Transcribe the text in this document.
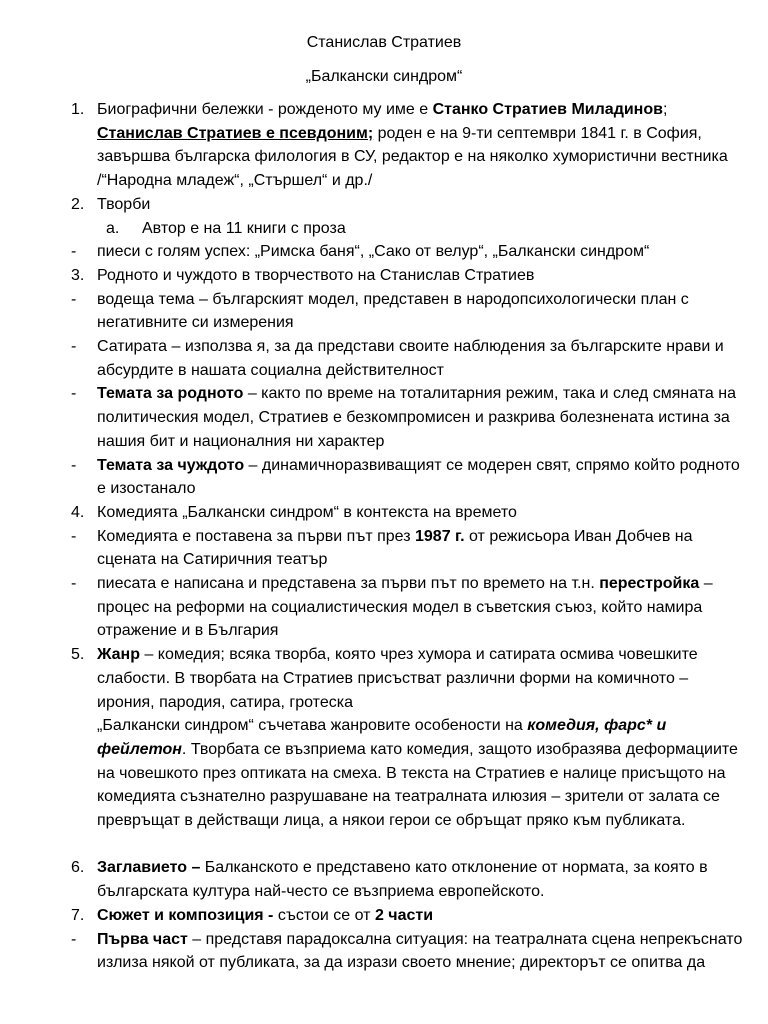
Станислав Стратиев
„Балкански синдром“
1. Биографични бележки - рожденото му име е Станко Стратиев Миладинов;
Станислав Стратиев е псевдоним; роден е на 9-ти септември 1841 г. в София, завършва българска филология в СУ, редактор е на няколко хумористични вестника /“Народна младеж“, „Стършел“ и др./
2. Творби
a. Автор е на 11 книги с проза
- пиеси с голям успех: „Римска баня“, „Сако от велур“, „Балкански синдром“
3. Родното и чуждото в творчеството на Станислав Стратиев
- водеща тема – българският модел, представен в народопсихологически план с негативните си измерения
- Сатирата – използва я, за да представи своите наблюдения за българските нрави и абсурдите в нашата социална действителност
- Темата за родното – както по време на тоталитарния режим, така и след смяната на политическия модел, Стратиев е безкомпромисен и разкрива болезнената истина за нашия бит и националния ни характер
- Темата за чуждото – динамичноразвиващият се модерен свят, спрямо който родното е изостанало
4. Комедията „Балкански синдром“ в контекста на времето
- Комедията е поставена за първи път през 1987 г. от режисьора Иван Добчев на сцената на Сатиричния театър
- пиесата е написана и представена за първи път по времето на т.н. перестройка – процес на реформи на социалистическия модел в съветския съюз, който намира отражение и в България
5. Жанр – комедия; всяка творба, която чрез хумора и сатирата осмива човешките слабости. В творбата на Стратиев присъстват различни форми на комичното – ирония, пародия, сатира, гротеска
„Балкански синдром“ съчетава жанровите особености на комедия, фарс* и фейлетон. Творбата се възприема като комедия, защото изобразява деформациите на човешкото през оптиката на смеха. В текста на Стратиев е налице присъщото на комедията съзнателно разрушаване на театралната илюзия – зрители от залата се превръщат в действащи лица, а някои герои се обръщат пряко към публиката.
6. Заглавието – Балканското е представено като отклонение от нормата, за която в българската култура най-често се възприема европейското.
7. Сюжет и композиция - състои се от 2 части
- Първа част – представя парадоксална ситуация: на театралната сцена непрекъснато излиза някой от публиката, за да изрази своето мнение; директорът се опитва да
